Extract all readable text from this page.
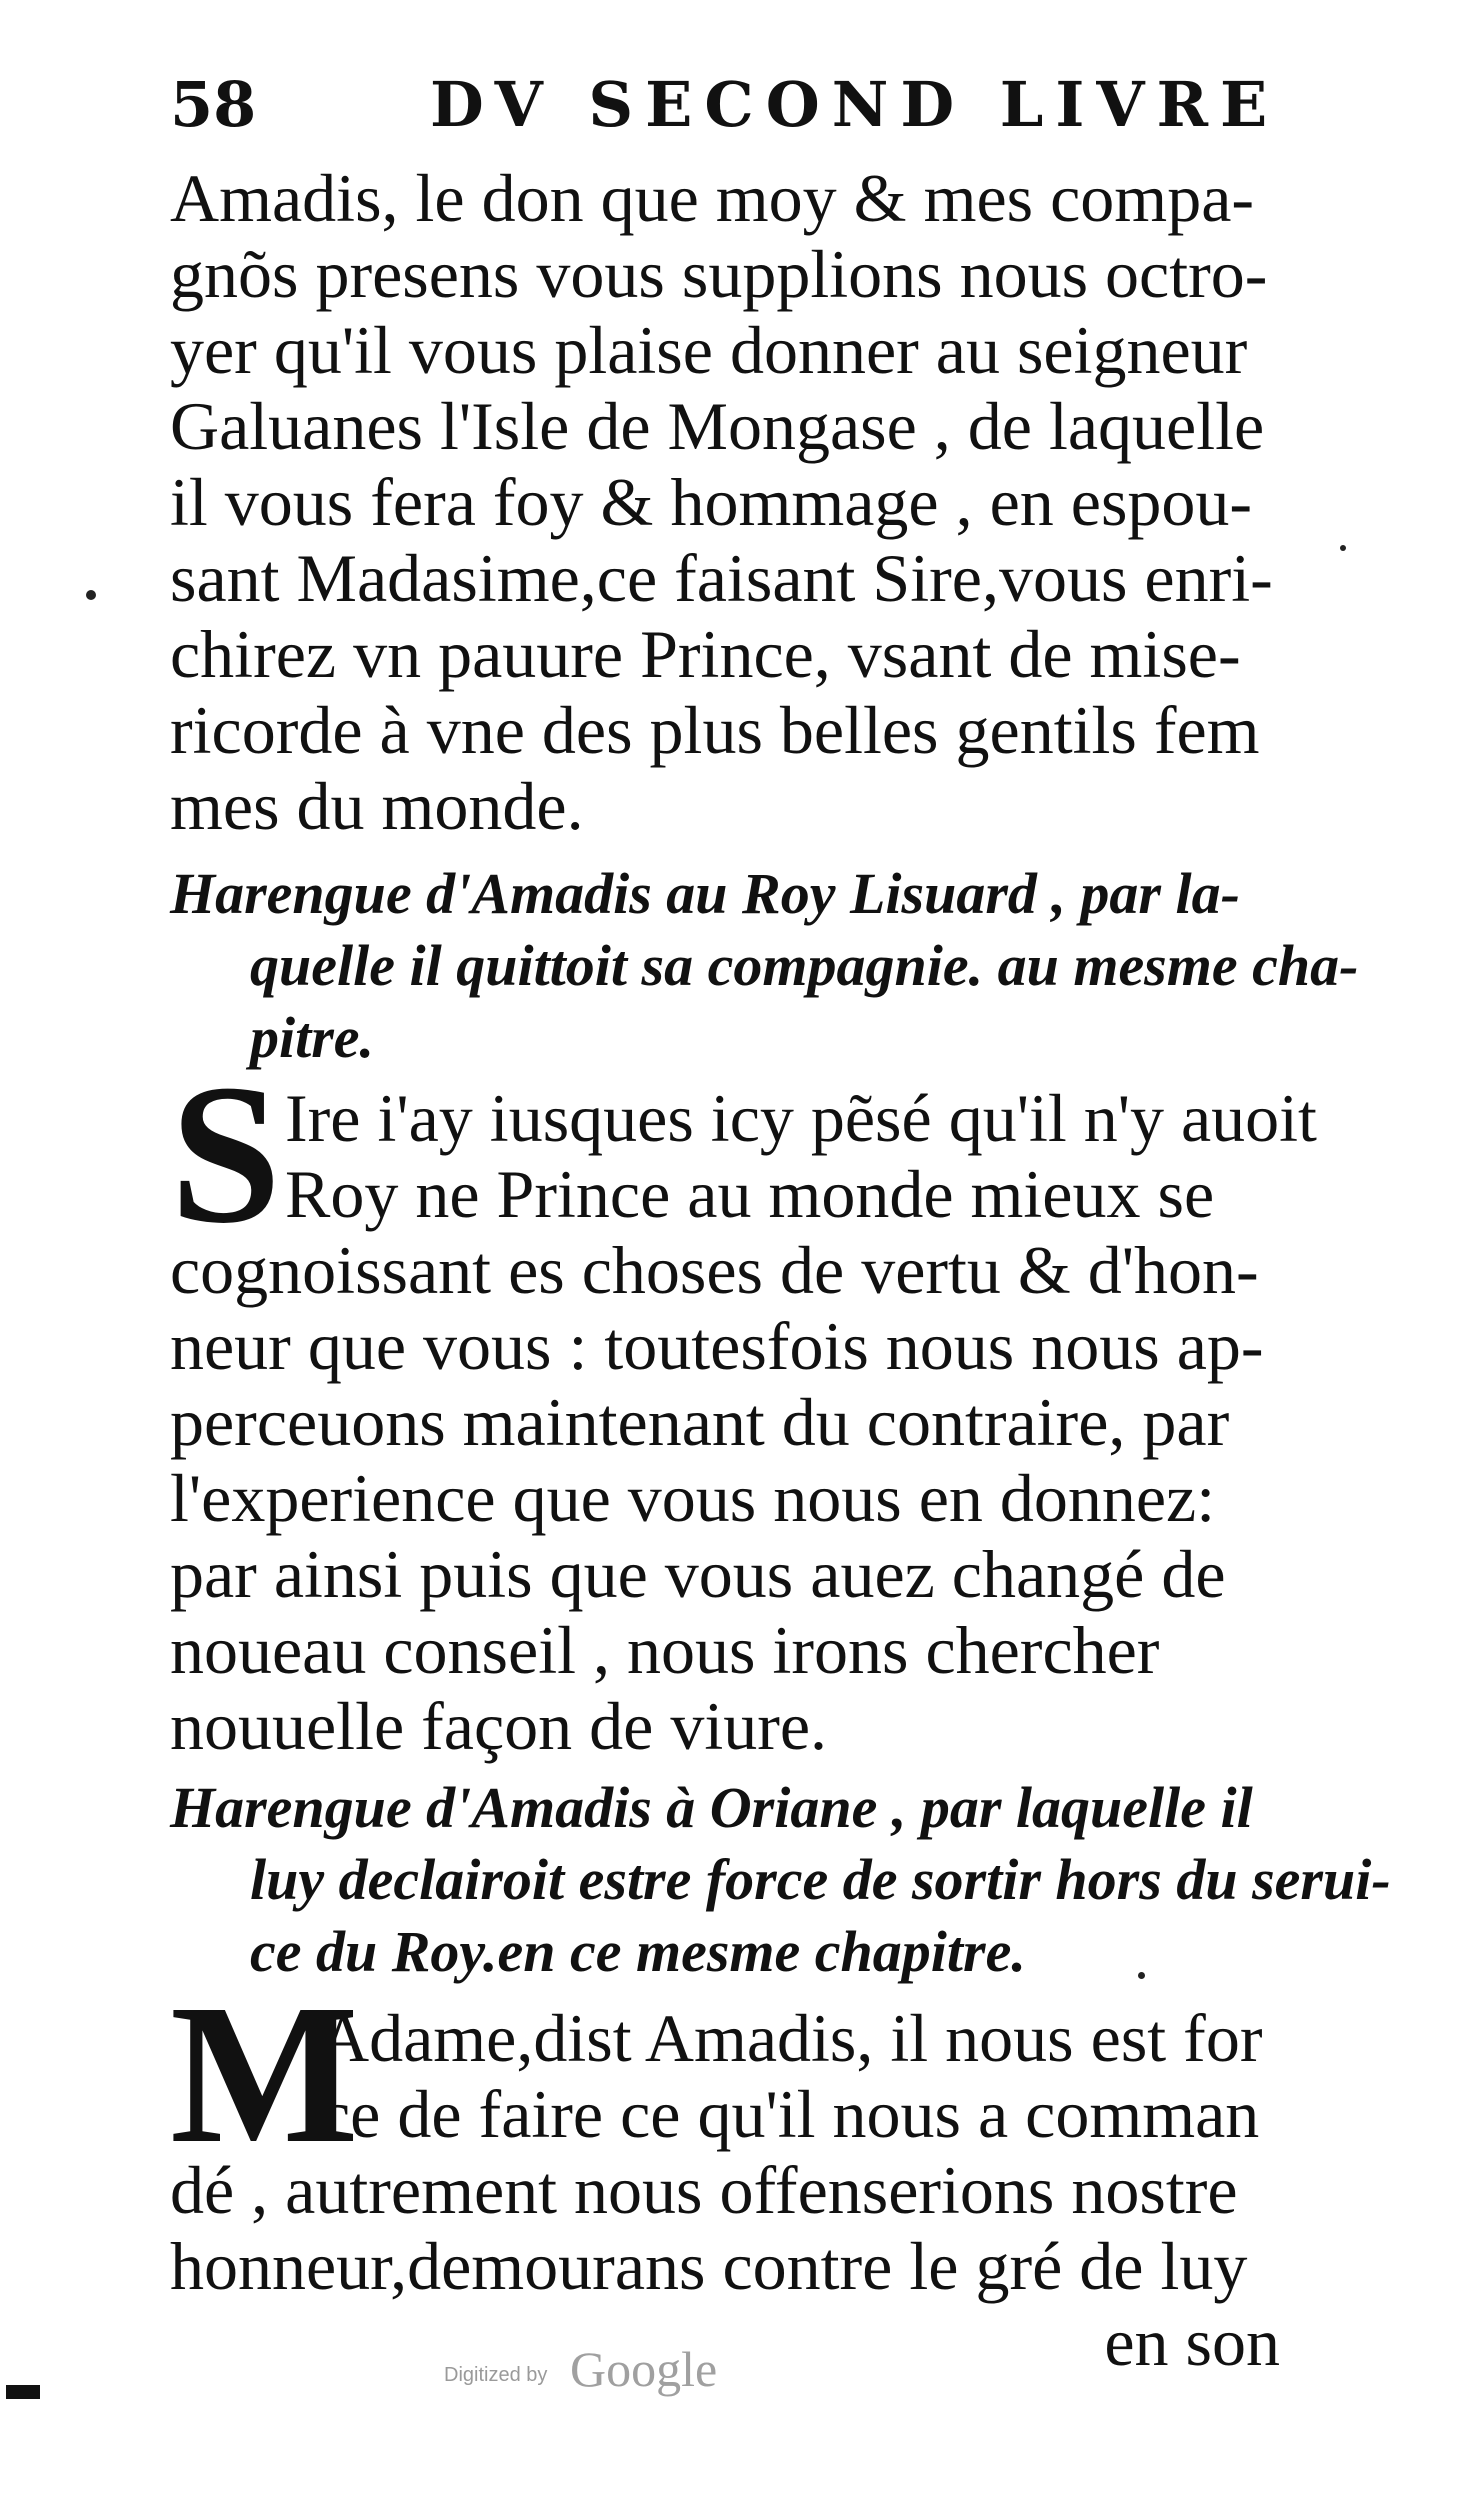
58	DV SECOND LIVRE
Amadis, le don que moy & mes compa-
gnõs presens vous supplions nous octro-
yer qu'il vous plaise donner au seigneur
Galuanes l'Isle de Mongase , de laquelle
il vous fera foy & hommage , en espou-
sant Madasime,ce faisant Sire,vous enri-
chirez vn pauure Prince, vsant de mise-
ricorde à vne des plus belles gentils fem
mes du monde.
Harengue d'Amadis au Roy Lisuard , par la-
quelle il quittoit sa compagnie. au mesme cha-
pitre.
S Ire i'ay iusques icy pẽsé qu'il n'y auoit
Roy ne Prince au monde mieux se
cognoissant es choses de vertu & d'hon-
neur que vous : toutesfois nous nous ap-
perceuons maintenant du contraire, par
l'experience que vous nous en donnez:
par ainsi puis que vous auez changé de
noueau conseil , nous irons chercher
nouuelle façon de viure.
Harengue d'Amadis à Oriane , par laquelle il
luy declairoit estre force de sortir hors du serui-
ce du Roy.en ce mesme chapitre.
M
Adame,dist Amadis, il nous est for
ce de faire ce qu'il nous a comman
dé , autrement nous offenserions nostre
honneur,demourans contre le gré de luy
en son
Digitized by Google
